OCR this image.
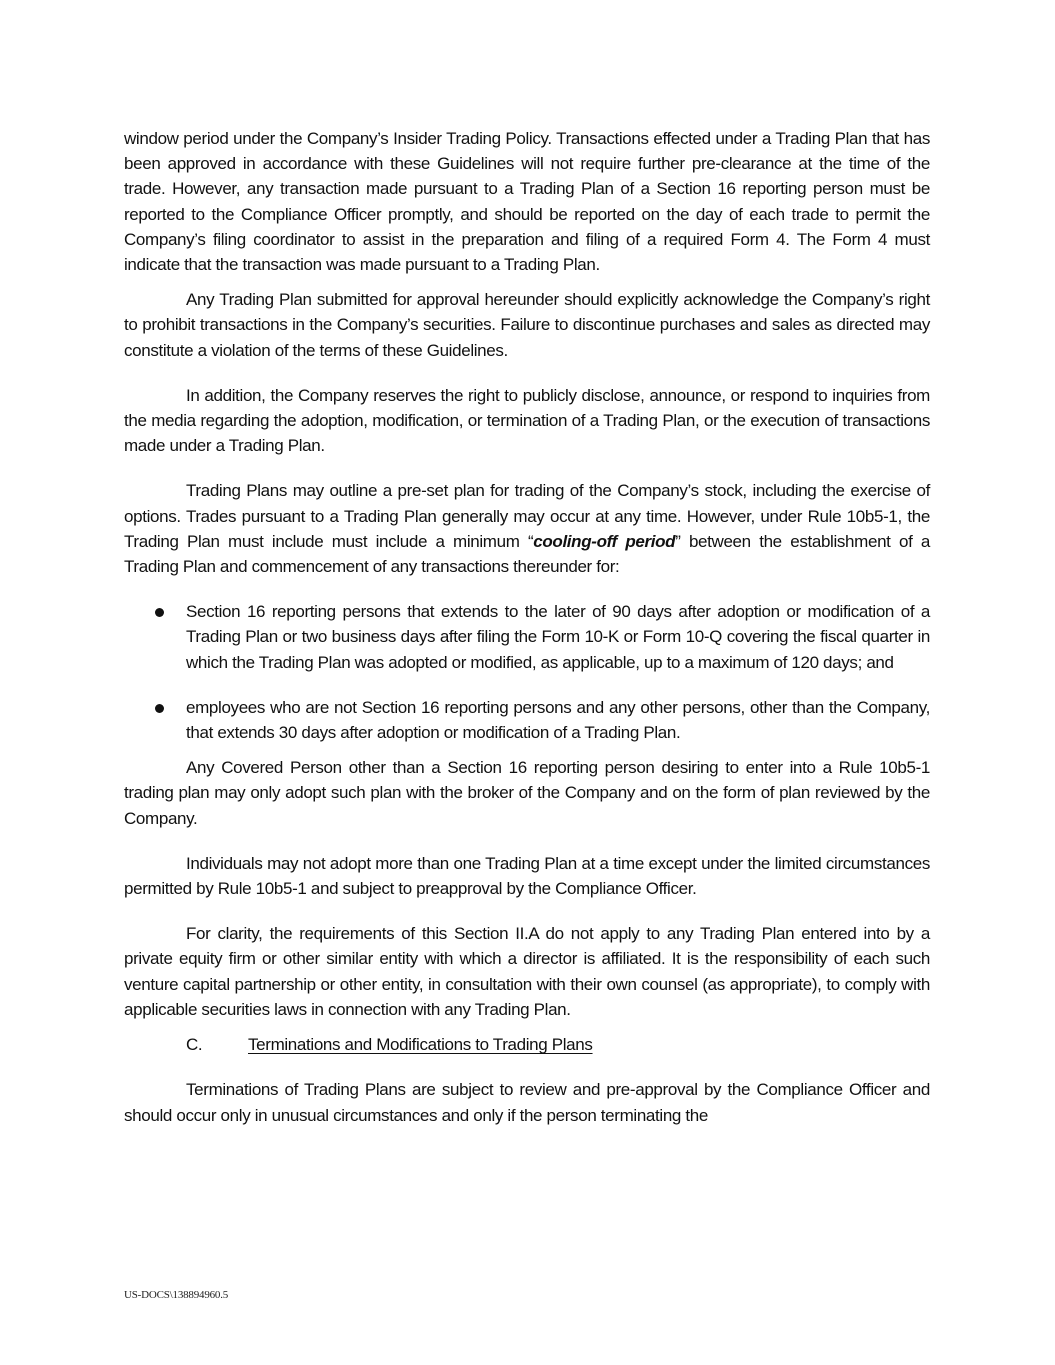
window period under the Company’s Insider Trading Policy. Transactions effected under a Trading Plan that has been approved in accordance with these Guidelines will not require further pre-clearance at the time of the trade. However, any transaction made pursuant to a Trading Plan of a Section 16 reporting person must be reported to the Compliance Officer promptly, and should be reported on the day of each trade to permit the Company’s filing coordinator to assist in the preparation and filing of a required Form 4. The Form 4 must indicate that the transaction was made pursuant to a Trading Plan.

Any Trading Plan submitted for approval hereunder should explicitly acknowledge the Company’s right to prohibit transactions in the Company’s securities. Failure to discontinue purchases and sales as directed may constitute a violation of the terms of these Guidelines.

In addition, the Company reserves the right to publicly disclose, announce, or respond to inquiries from the media regarding the adoption, modification, or termination of a Trading Plan, or the execution of transactions made under a Trading Plan.

Trading Plans may outline a pre-set plan for trading of the Company’s stock, including the exercise of options. Trades pursuant to a Trading Plan generally may occur at any time. However, under Rule 10b5-1, the Trading Plan must include must include a minimum “cooling-off period” between the establishment of a Trading Plan and commencement of any transactions thereunder for:

Section 16 reporting persons that extends to the later of 90 days after adoption or modification of a Trading Plan or two business days after filing the Form 10-K or Form 10-Q covering the fiscal quarter in which the Trading Plan was adopted or modified, as applicable, up to a maximum of 120 days; and
employees who are not Section 16 reporting persons and any other persons, other than the Company, that extends 30 days after adoption or modification of a Trading Plan.

Any Covered Person other than a Section 16 reporting person desiring to enter into a Rule 10b5-1 trading plan may only adopt such plan with the broker of the Company and on the form of plan reviewed by the Company.

Individuals may not adopt more than one Trading Plan at a time except under the limited circumstances permitted by Rule 10b5-1 and subject to preapproval by the Compliance Officer.

For clarity, the requirements of this Section II.A do not apply to any Trading Plan entered into by a private equity firm or other similar entity with which a director is affiliated. It is the responsibility of each such venture capital partnership or other entity, in consultation with their own counsel (as appropriate), to comply with applicable securities laws in connection with any Trading Plan.

C.	Terminations and Modifications to Trading Plans

Terminations of Trading Plans are subject to review and pre-approval by the Compliance Officer and should occur only in unusual circumstances and only if the person terminating the

US-DOCS\138894960.5
